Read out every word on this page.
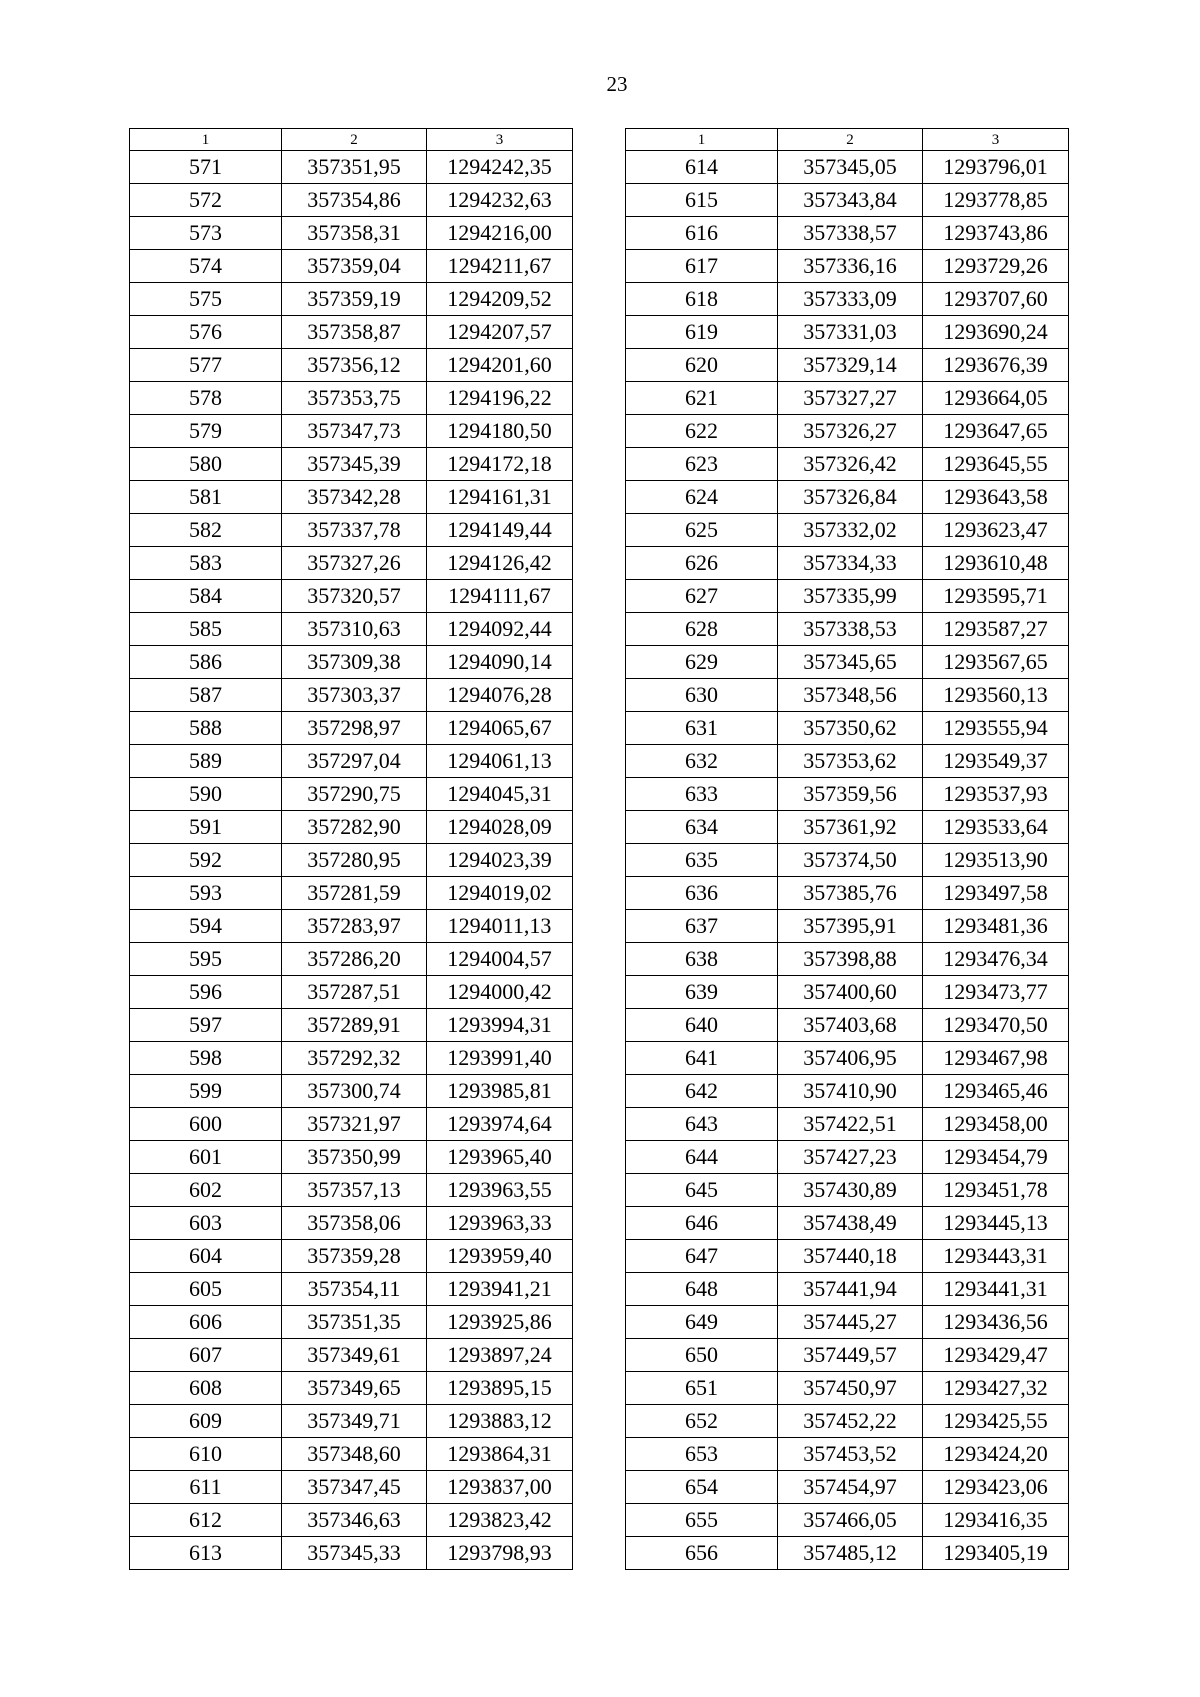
23
1	2	3
571	357351,95	1294242,35
572	357354,86	1294232,63
573	357358,31	1294216,00
574	357359,04	1294211,67
575	357359,19	1294209,52
576	357358,87	1294207,57
577	357356,12	1294201,60
578	357353,75	1294196,22
579	357347,73	1294180,50
580	357345,39	1294172,18
581	357342,28	1294161,31
582	357337,78	1294149,44
583	357327,26	1294126,42
584	357320,57	1294111,67
585	357310,63	1294092,44
586	357309,38	1294090,14
587	357303,37	1294076,28
588	357298,97	1294065,67
589	357297,04	1294061,13
590	357290,75	1294045,31
591	357282,90	1294028,09
592	357280,95	1294023,39
593	357281,59	1294019,02
594	357283,97	1294011,13
595	357286,20	1294004,57
596	357287,51	1294000,42
597	357289,91	1293994,31
598	357292,32	1293991,40
599	357300,74	1293985,81
600	357321,97	1293974,64
601	357350,99	1293965,40
602	357357,13	1293963,55
603	357358,06	1293963,33
604	357359,28	1293959,40
605	357354,11	1293941,21
606	357351,35	1293925,86
607	357349,61	1293897,24
608	357349,65	1293895,15
609	357349,71	1293883,12
610	357348,60	1293864,31
611	357347,45	1293837,00
612	357346,63	1293823,42
613	357345,33	1293798,93
1	2	3
614	357345,05	1293796,01
615	357343,84	1293778,85
616	357338,57	1293743,86
617	357336,16	1293729,26
618	357333,09	1293707,60
619	357331,03	1293690,24
620	357329,14	1293676,39
621	357327,27	1293664,05
622	357326,27	1293647,65
623	357326,42	1293645,55
624	357326,84	1293643,58
625	357332,02	1293623,47
626	357334,33	1293610,48
627	357335,99	1293595,71
628	357338,53	1293587,27
629	357345,65	1293567,65
630	357348,56	1293560,13
631	357350,62	1293555,94
632	357353,62	1293549,37
633	357359,56	1293537,93
634	357361,92	1293533,64
635	357374,50	1293513,90
636	357385,76	1293497,58
637	357395,91	1293481,36
638	357398,88	1293476,34
639	357400,60	1293473,77
640	357403,68	1293470,50
641	357406,95	1293467,98
642	357410,90	1293465,46
643	357422,51	1293458,00
644	357427,23	1293454,79
645	357430,89	1293451,78
646	357438,49	1293445,13
647	357440,18	1293443,31
648	357441,94	1293441,31
649	357445,27	1293436,56
650	357449,57	1293429,47
651	357450,97	1293427,32
652	357452,22	1293425,55
653	357453,52	1293424,20
654	357454,97	1293423,06
655	357466,05	1293416,35
656	357485,12	1293405,19
